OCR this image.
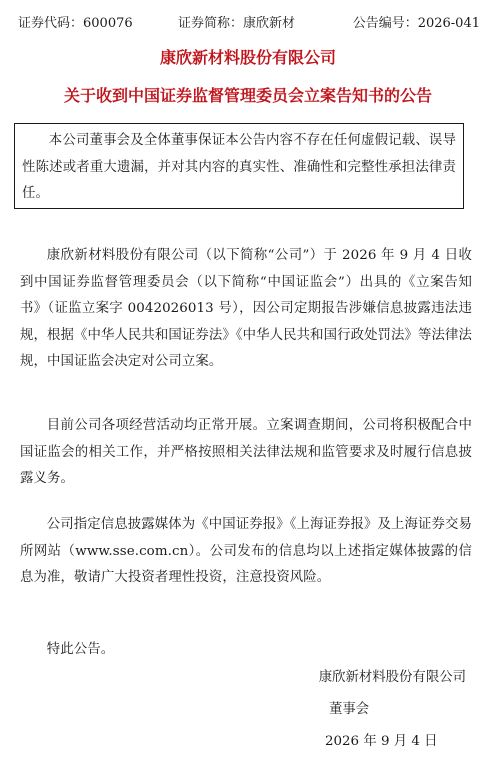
证券代码：600076	证券简称：康欣新材	公告编号：2026-041
康欣新材料股份有限公司
关于收到中国证券监督管理委员会立案告知书的公告

本公司董事会及全体董事保证本公告内容不存在任何虚假记载、误导性陈述或者重大遗漏，并对其内容的真实性、准确性和完整性承担法律责任。

康欣新材料股份有限公司（以下简称“公司”）于 2026 年 9 月 4 日收到中国证券监督管理委员会（以下简称“中国证监会”）出具的《立案告知书》（证监立案字 0042026013 号），因公司定期报告涉嫌信息披露违法违规，根据《中华人民共和国证券法》《中华人民共和国行政处罚法》等法律法规，中国证监会决定对公司立案。

目前公司各项经营活动均正常开展。立案调查期间，公司将积极配合中国证监会的相关工作，并严格按照相关法律法规和监管要求及时履行信息披露义务。

公司指定信息披露媒体为《中国证券报》《上海证券报》及上海证券交易所网站（www.sse.com.cn）。公司发布的信息均以上述指定媒体披露的信息为准，敬请广大投资者理性投资，注意投资风险。

特此公告。

康欣新材料股份有限公司
董事会
2026 年 9 月 4 日
